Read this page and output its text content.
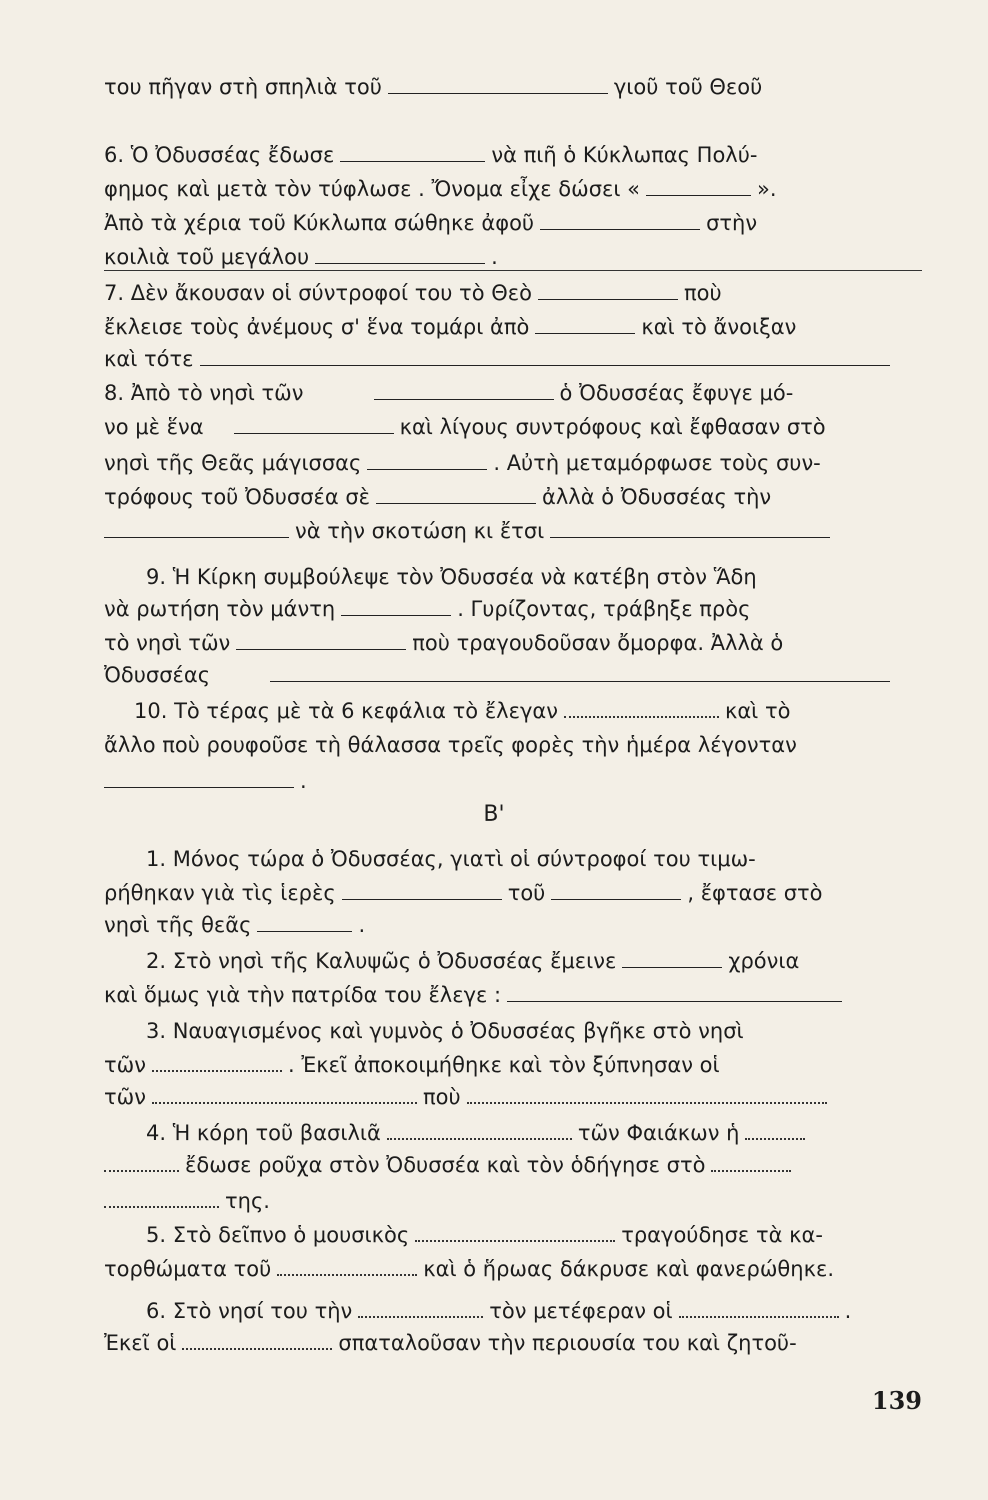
του πῆγαν στὴ σπηλιὰ τοῦ	γιοῦ τοῦ Θεοῦ
6. Ὁ Ὀδυσσέας ἔδωσε	νὰ πιῆ ὁ Κύκλωπας Πολύ-
φημος καὶ μετὰ τὸν τύφλωσε . Ὄνομα εἶχε δώσει «	».
Ἀπὸ τὰ χέρια τοῦ Κύκλωπα σώθηκε ἀφοῦ	στὴν
κοιλιὰ τοῦ μεγάλου	.
7. Δὲν ἄκουσαν οἱ σύντροφοί του τὸ Θεὸ	ποὺ
ἔκλεισε τοὺς ἀνέμους σ' ἕνα τομάρι ἀπὸ	καὶ τὸ ἄνοιξαν
καὶ τότε
8. Ἀπὸ τὸ νησὶ τῶν	ὁ Ὀδυσσέας ἔφυγε μό-
νο μὲ ἕνα	καὶ λίγους συντρόφους καὶ ἔφθασαν στὸ
νησὶ τῆς Θεᾶς μάγισσας	. Αὐτὴ μεταμόρφωσε τοὺς συν-
τρόφους τοῦ Ὀδυσσέα σὲ	ἀλλὰ ὁ Ὀδυσσέας τὴν
νὰ τὴν σκοτώση κι ἔτσι
9. Ἡ Κίρκη συμβούλεψε τὸν Ὀδυσσέα νὰ κατέβη στὸν Ἅδη
νὰ ρωτήση τὸν μάντη	. Γυρίζοντας, τράβηξε πρὸς
τὸ νησὶ τῶν	ποὺ τραγουδοῦσαν ὄμορφα. Ἀλλὰ ὁ
Ὀδυσσέας
10. Τὸ τέρας μὲ τὰ 6 κεφάλια τὸ ἔλεγαν	καὶ τὸ
ἄλλο ποὺ ρουφοῦσε τὴ θάλασσα τρεῖς φορὲς τὴν ἡμέρα λέγονταν
.
Β'
1. Μόνος τώρα ὁ Ὀδυσσέας, γιατὶ οἱ σύντροφοί του τιμω-
ρήθηκαν γιὰ τὶς ἱερὲς	τοῦ	, ἔφτασε στὸ
νησὶ τῆς θεᾶς	.
2. Στὸ νησὶ τῆς Καλυψῶς ὁ Ὀδυσσέας ἔμεινε	χρόνια
καὶ ὅμως γιὰ τὴν πατρίδα του ἔλεγε :
3. Ναυαγισμένος καὶ γυμνὸς ὁ Ὀδυσσέας βγῆκε στὸ νησὶ
τῶν	. Ἐκεῖ ἀποκοιμήθηκε καὶ τὸν ξύπνησαν οἱ
τῶν	ποὺ
4. Ἡ κόρη τοῦ βασιλιᾶ	τῶν Φαιάκων ἡ
ἔδωσε ροῦχα στὸν Ὀδυσσέα καὶ τὸν ὁδήγησε στὸ
της.
5. Στὸ δεῖπνο ὁ μουσικὸς	τραγούδησε τὰ κα-
τορθώματα τοῦ	καὶ ὁ ἥρωας δάκρυσε καὶ φανερώθηκε.
6. Στὸ νησί του τὴν	τὸν μετέφεραν οἱ	.
Ἐκεῖ οἱ	σπαταλοῦσαν τὴν περιουσία του καὶ ζητοῦ-
139
